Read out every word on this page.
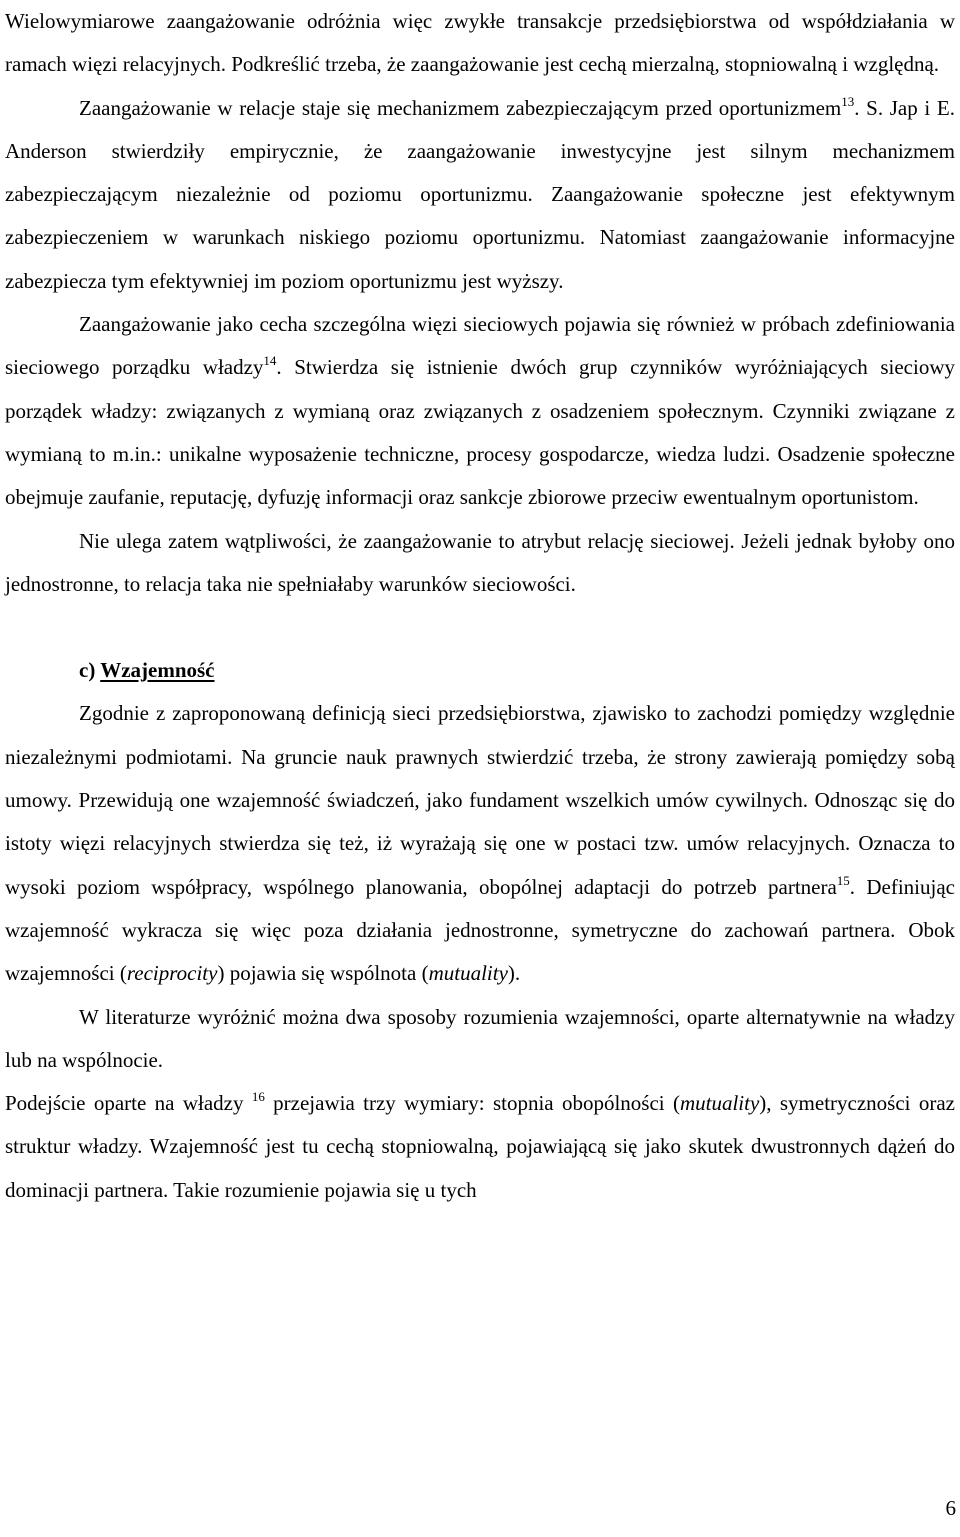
Wielowymiarowe zaangażowanie odróżnia więc zwykłe transakcje przedsiębiorstwa od współdziałania w ramach więzi relacyjnych. Podkreślić trzeba, że zaangażowanie jest cechą mierzalną, stopniowalną i względną.

Zaangażowanie w relacje staje się mechanizmem zabezpieczającym przed oportunizmem$^{13}$. S. Jap i E. Anderson stwierdziły empirycznie, że zaangażowanie inwestycyjne jest silnym mechanizmem zabezpieczającym niezależnie od poziomu oportunizmu. Zaangażowanie społeczne jest efektywnym zabezpieczeniem w warunkach niskiego poziomu oportunizmu. Natomiast zaangażowanie informacyjne zabezpiecza tym efektywniej im poziom oportunizmu jest wyższy.

Zaangażowanie jako cecha szczególna więzi sieciowych pojawia się również w próbach zdefiniowania sieciowego porządku władzy$^{14}$. Stwierdza się istnienie dwóch grup czynników wyróżniających sieciowy porządek władzy: związanych z wymianą oraz związanych z osadzeniem społecznym. Czynniki związane z wymianą to m.in.: unikalne wyposażenie techniczne, procesy gospodarcze, wiedza ludzi. Osadzenie społeczne obejmuje zaufanie, reputację, dyfuzję informacji oraz sankcje zbiorowe przeciw ewentualnym oportunistom.

Nie ulega zatem wątpliwości, że zaangażowanie to atrybut relację sieciowej. Jeżeli jednak byłoby ono jednostronne, to relacja taka nie spełniałaby warunków sieciowości.

c) Wzajemność

Zgodnie z zaproponowaną definicją sieci przedsiębiorstwa, zjawisko to zachodzi pomiędzy względnie niezależnymi podmiotami. Na gruncie nauk prawnych stwierdzić trzeba, że strony zawierają pomiędzy sobą umowy. Przewidują one wzajemność świadczeń, jako fundament wszelkich umów cywilnych. Odnosząc się do istoty więzi relacyjnych stwierdza się też, iż wyrażają się one w postaci tzw. umów relacyjnych. Oznacza to wysoki poziom współpracy, wspólnego planowania, obopólnej adaptacji do potrzeb partnera$^{15}$. Definiując wzajemność wykracza się więc poza działania jednostronne, symetryczne do zachowań partnera. Obok wzajemności (reciprocity) pojawia się wspólnota (mutuality).

W literaturze wyróżnić można dwa sposoby rozumienia wzajemności, oparte alternatywnie na władzy lub na wspólnocie.

Podejście oparte na władzy $^{16}$ przejawia trzy wymiary: stopnia obopólności (mutuality), symetryczności oraz struktur władzy. Wzajemność jest tu cechą stopniowalną, pojawiającą się jako skutek dwustronnych dążeń do dominacji partnera. Takie rozumienie pojawia się u tych

6
